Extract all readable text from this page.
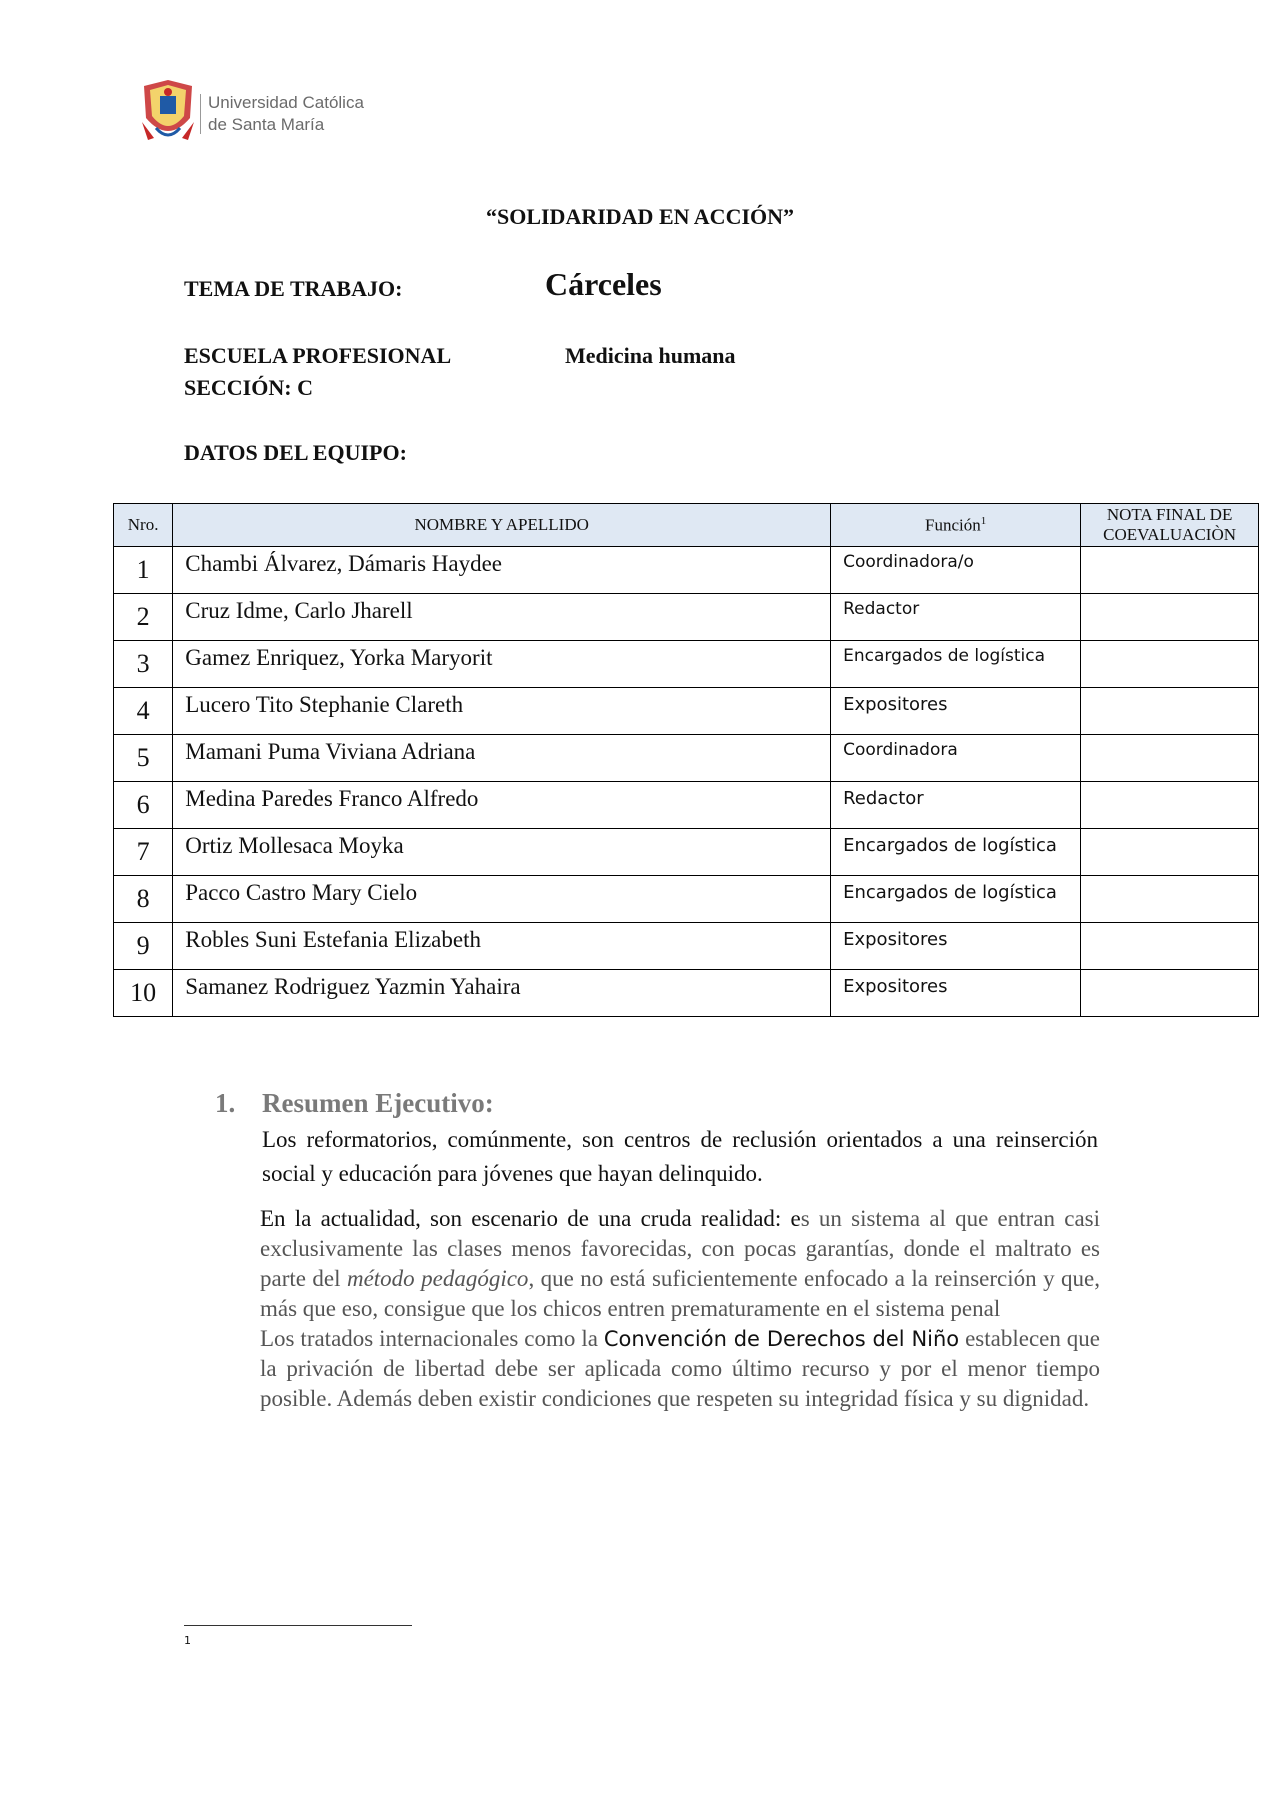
Universidad Católica
de Santa María
“SOLIDARIDAD EN ACCIÓN”
TEMA DE TRABAJO:	Cárceles
ESCUELA PROFESIONAL	Medicina humana
SECCIÓN: C
DATOS DEL EQUIPO:
Nro.	NOMBRE Y APELLIDO	Función$^1$	NOTA FINAL DE
COEVALUACIÒN
1	Chambi Álvarez, Dámaris Haydee	Coordinadora/o	
2	Cruz Idme, Carlo Jharell	Redactor	
3	Gamez Enriquez, Yorka Maryorit	Encargados de logística	
4	Lucero Tito Stephanie Clareth	Expositores	
5	Mamani Puma Viviana Adriana	Coordinadora	
6	Medina Paredes Franco Alfredo	Redactor	
7	Ortiz Mollesaca Moyka	Encargados de logística	
8	Pacco Castro Mary Cielo	Encargados de logística	
9	Robles Suni Estefania Elizabeth	Expositores	
10	Samanez Rodriguez Yazmin Yahaira	Expositores	
1. Resumen Ejecutivo:

Los reformatorios, comúnmente, son centros de reclusión orientados a una reinserción social y educación para jóvenes que hayan delinquido.

En la actualidad, son escenario de una cruda realidad: es un sistema al que entran casi exclusivamente las clases menos favorecidas, con pocas garantías, donde el maltrato es parte del método pedagógico, que no está suficientemente enfocado a la reinserción y que, más que eso, consigue que los chicos entren prematuramente en el sistema penal
Los tratados internacionales como la Convención de Derechos del Niño establecen que la privación de libertad debe ser aplicada como último recurso y por el menor tiempo posible. Además deben existir condiciones que respeten su integridad física y su dignidad.

1
